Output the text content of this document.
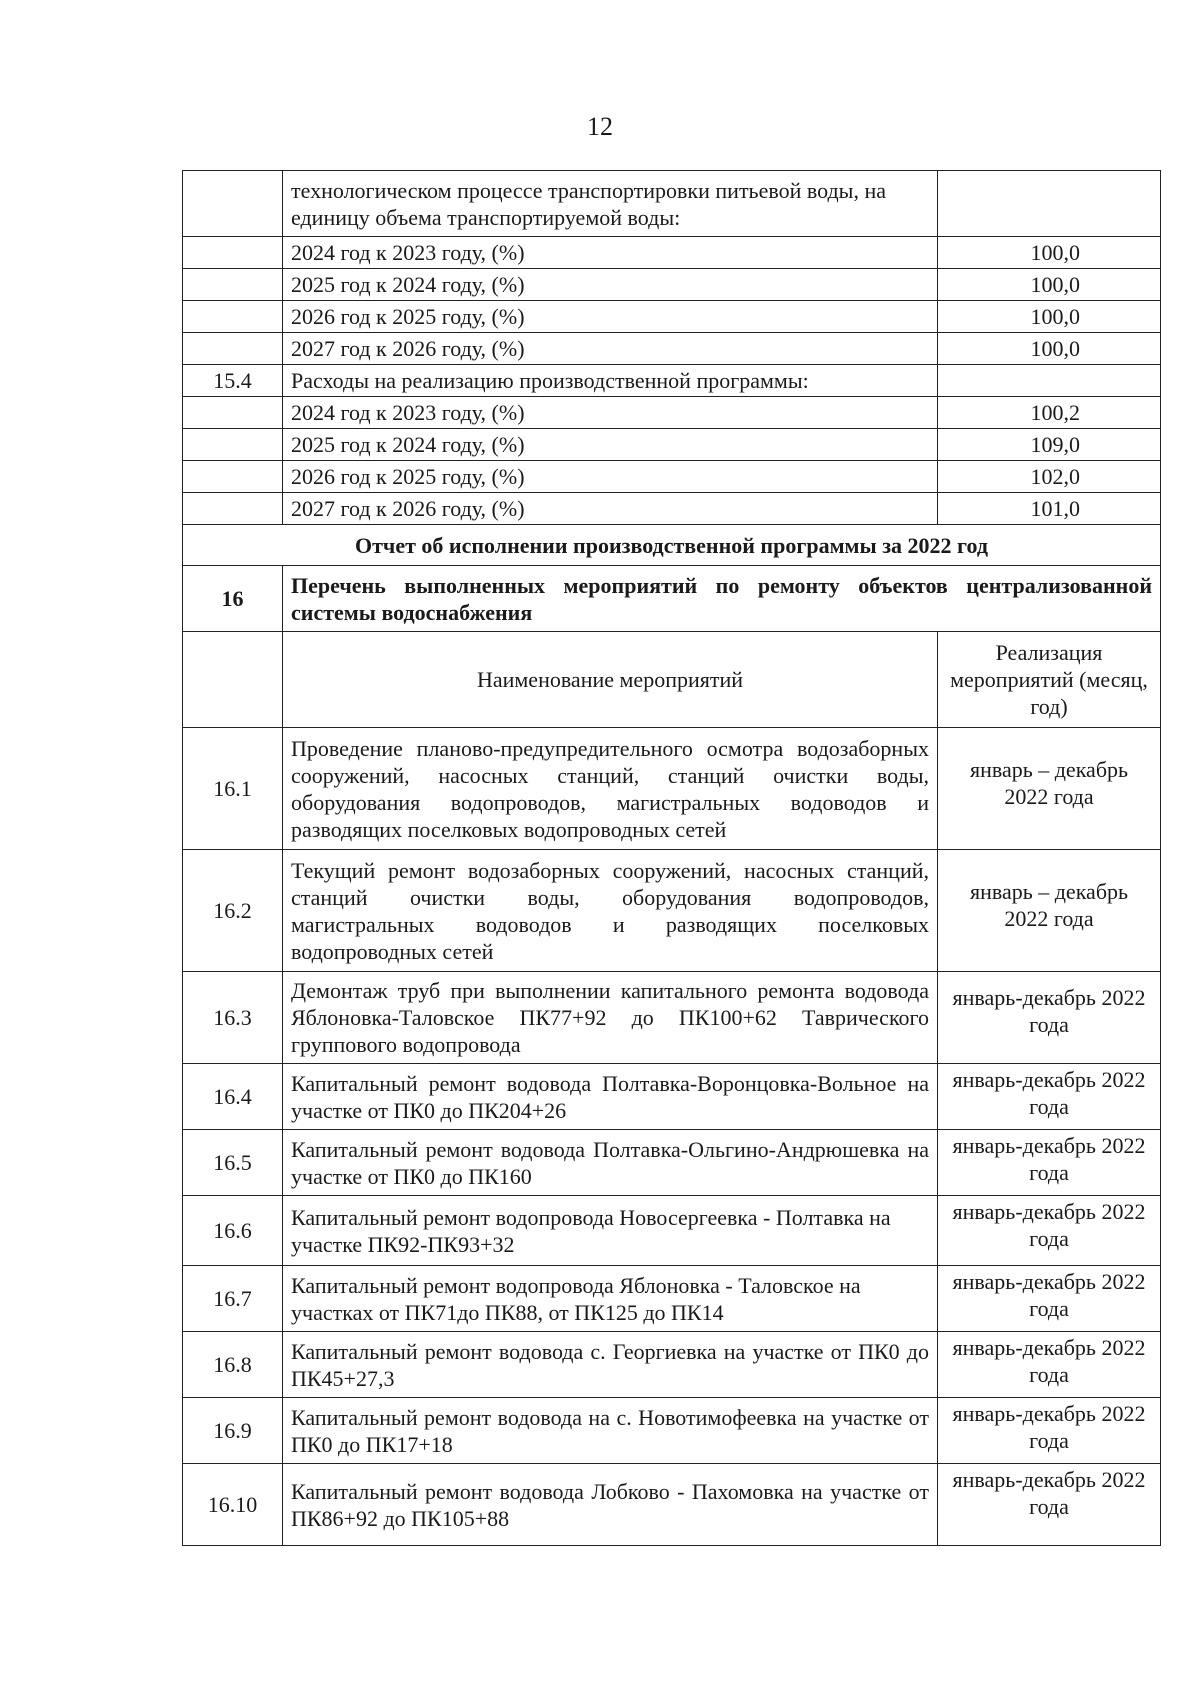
12
	технологическом процессе транспортировки питьевой воды, на единицу объема транспортируемой воды:	
	2024 год к 2023 году, (%)	100,0
	2025 год к 2024 году, (%)	100,0
	2026 год к 2025 году, (%)	100,0
	2027 год к 2026 году, (%)	100,0
15.4	Расходы на реализацию производственной программы:	
	2024 год к 2023 году, (%)	100,2
	2025 год к 2024 году, (%)	109,0
	2026 год к 2025 году, (%)	102,0
	2027 год к 2026 году, (%)	101,0
Отчет об исполнении производственной программы за 2022 год		
16	Перечень выполненных мероприятий по ремонту объектов централизованной системы водоснабжения	
	Наименование мероприятий	Реализация мероприятий (месяц, год)
16.1	Проведение планово-предупредительного осмотра водозаборных сооружений, насосных станций, станций очистки воды, оборудования водопроводов, магистральных водоводов и разводящих поселковых водопроводных сетей	январь – декабрь 2022 года
16.2	Текущий ремонт водозаборных сооружений, насосных станций, станций очистки воды, оборудования водопроводов, магистральных водоводов и разводящих поселковых водопроводных сетей	январь – декабрь 2022 года
16.3	Демонтаж труб при выполнении капитального ремонта водовода Яблоновка-Таловское ПК77+92 до ПК100+62 Таврического группового водопровода	январь-декабрь 2022 года
16.4	Капитальный ремонт водовода Полтавка-Воронцовка-Вольное на участке от ПК0 до ПК204+26	январь-декабрь 2022 года
16.5	Капитальный ремонт водовода Полтавка-Ольгино-Андрюшевка на участке от ПК0 до ПК160	январь-декабрь 2022 года
16.6	Капитальный ремонт водопровода Новосергеевка - Полтавка на участке ПК92-ПК93+32	январь-декабрь 2022 года
16.7	Капитальный ремонт водопровода Яблоновка - Таловское на участках от ПК71до ПК88, от ПК125 до ПК14	январь-декабрь 2022 года
16.8	Капитальный ремонт водовода с. Георгиевка на участке от ПК0 до ПК45+27,3	январь-декабрь 2022 года
16.9	Капитальный ремонт водовода на с. Новотимофеевка на участке от ПК0 до ПК17+18	январь-декабрь 2022 года
16.10	Капитальный ремонт водовода Лобково - Пахомовка на участке от ПК86+92 до ПК105+88	январь-декабрь 2022 года
